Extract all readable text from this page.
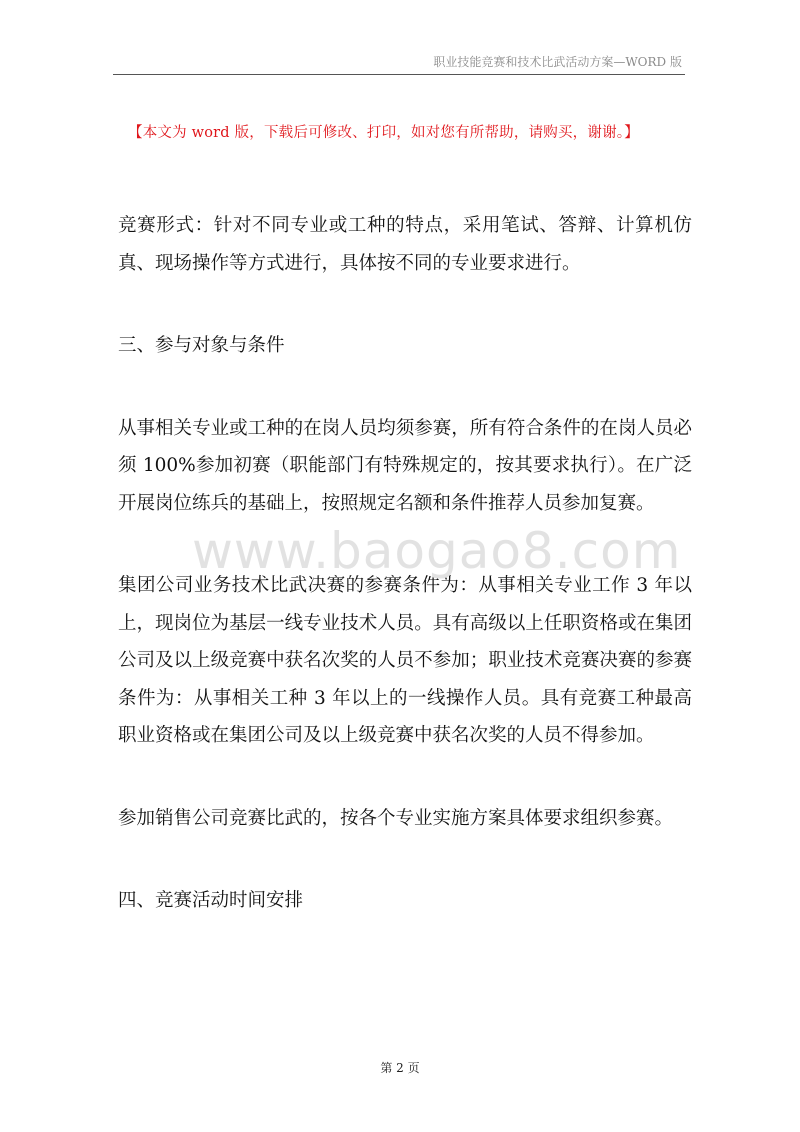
职业技能竞赛和技术比武活动方案—WORD 版
【本文为 word 版，下载后可修改、打印，如对您有所帮助，请购买，谢谢。】

竞赛形式：针对不同专业或工种的特点，采用笔试、答辩、计算机仿真、现场操作等方式进行，具体按不同的专业要求进行。

三、参与对象与条件

从事相关专业或工种的在岗人员均须参赛，所有符合条件的在岗人员必须 100%参加初赛（职能部门有特殊规定的，按其要求执行）。在广泛开展岗位练兵的基础上，按照规定名额和条件推荐人员参加复赛。

集团公司业务技术比武决赛的参赛条件为：从事相关专业工作 3 年以上，现岗位为基层一线专业技术人员。具有高级以上任职资格或在集团公司及以上级竞赛中获名次奖的人员不参加；职业技术竞赛决赛的参赛条件为：从事相关工种 3 年以上的一线操作人员。具有竞赛工种最高职业资格或在集团公司及以上级竞赛中获名次奖的人员不得参加。

参加销售公司竞赛比武的，按各个专业实施方案具体要求组织参赛。

四、竞赛活动时间安排

www.baogao8.com
第 2 页
